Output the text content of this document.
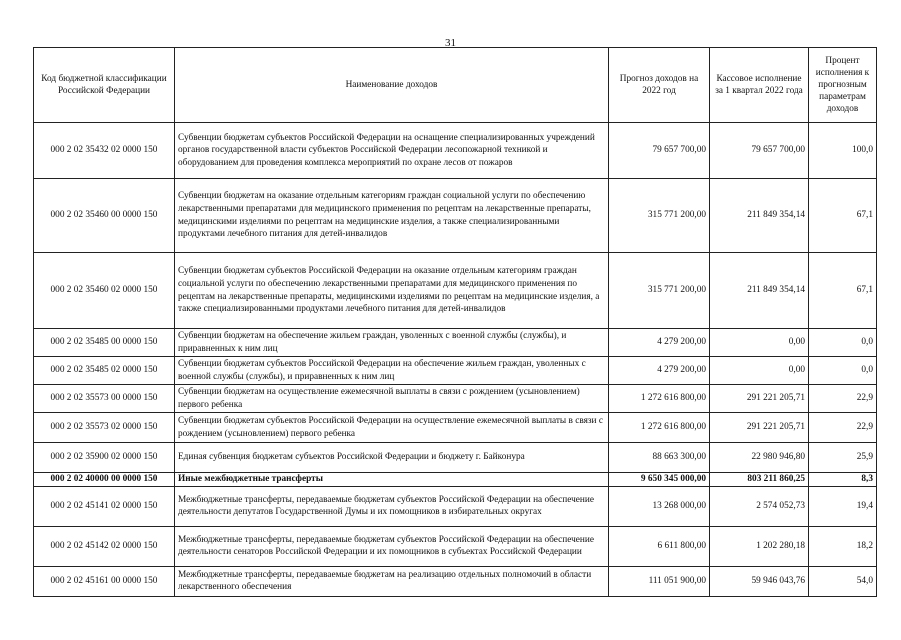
31
Код бюджетной классификации Российской Федерации	Наименование доходов	Прогноз доходов на 2022 год	Кассовое исполнение за 1 квартал 2022 года	Процент исполнения к прогнозным параметрам доходов
000 2 02 35432 02 0000 150	Субвенции бюджетам субъектов Российской Федерации на оснащение специализированных учреждений органов государственной власти субъектов Российской Федерации лесопожарной техникой и оборудованием для проведения комплекса мероприятий по охране лесов от пожаров	79 657 700,00	79 657 700,00	100,0
000 2 02 35460 00 0000 150	Субвенции бюджетам на оказание отдельным категориям граждан социальной услуги по обеспечению лекарственными препаратами для медицинского применения по рецептам на лекарственные препараты, медицинскими изделиями по рецептам на медицинские изделия, а также специализированными продуктами лечебного питания для детей-инвалидов	315 771 200,00	211 849 354,14	67,1
000 2 02 35460 02 0000 150	Субвенции бюджетам субъектов Российской Федерации на оказание отдельным категориям граждан социальной услуги по обеспечению лекарственными препаратами для медицинского применения по рецептам на лекарственные препараты, медицинскими изделиями по рецептам на медицинские изделия, а также специализированными продуктами лечебного питания для детей-инвалидов	315 771 200,00	211 849 354,14	67,1
000 2 02 35485 00 0000 150	Субвенции бюджетам на обеспечение жильем граждан, уволенных с военной службы (службы), и приравненных к ним лиц	4 279 200,00	0,00	0,0
000 2 02 35485 02 0000 150	Субвенции бюджетам субъектов Российской Федерации на обеспечение жильем граждан, уволенных с военной службы (службы), и приравненных к ним лиц	4 279 200,00	0,00	0,0
000 2 02 35573 00 0000 150	Субвенции бюджетам на осуществление ежемесячной выплаты в связи с рождением (усыновлением) первого ребенка	1 272 616 800,00	291 221 205,71	22,9
000 2 02 35573 02 0000 150	Субвенции бюджетам субъектов Российской Федерации на осуществление ежемесячной выплаты в связи с рождением (усыновлением) первого ребенка	1 272 616 800,00	291 221 205,71	22,9
000 2 02 35900 02 0000 150	Единая субвенция бюджетам субъектов Российской Федерации и бюджету г. Байконура	88 663 300,00	22 980 946,80	25,9
000 2 02 40000 00 0000 150	Иные межбюджетные трансферты	9 650 345 000,00	803 211 860,25	8,3
000 2 02 45141 02 0000 150	Межбюджетные трансферты, передаваемые бюджетам субъектов Российской Федерации на обеспечение деятельности депутатов Государственной Думы и их помощников в избирательных округах	13 268 000,00	2 574 052,73	19,4
000 2 02 45142 02 0000 150	Межбюджетные трансферты, передаваемые бюджетам субъектов Российской Федерации на обеспечение деятельности сенаторов Российской Федерации и их помощников в субъектах Российской Федерации	6 611 800,00	1 202 280,18	18,2
000 2 02 45161 00 0000 150	Межбюджетные трансферты, передаваемые бюджетам на реализацию отдельных полномочий в области лекарственного обеспечения	111 051 900,00	59 946 043,76	54,0
